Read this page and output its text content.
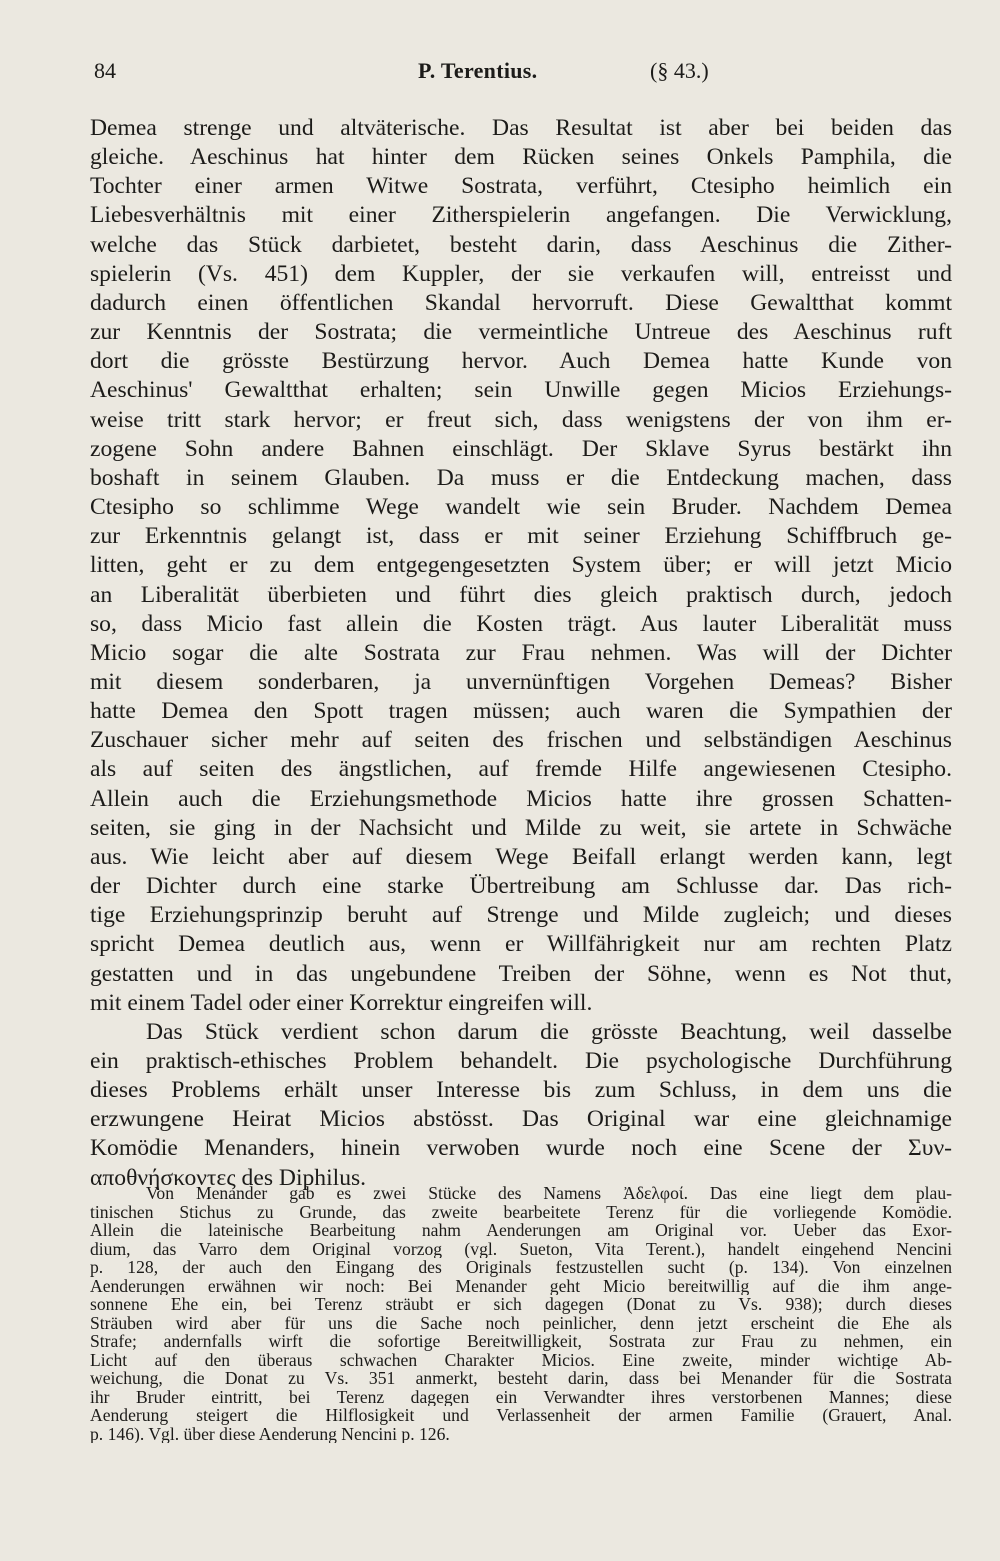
84	P. Terentius.	(§ 43.)
Demea strenge und altväterische. Das Resultat ist aber bei beiden das
gleiche. Aeschinus hat hinter dem Rücken seines Onkels Pamphila, die
Tochter einer armen Witwe Sostrata, verführt, Ctesipho heimlich ein
Liebesverhältnis mit einer Zitherspielerin angefangen. Die Verwicklung,
welche das Stück darbietet, besteht darin, dass Aeschinus die Zither-
spielerin (Vs. 451) dem Kuppler, der sie verkaufen will, entreisst und
dadurch einen öffentlichen Skandal hervorruft. Diese Gewaltthat kommt
zur Kenntnis der Sostrata; die vermeintliche Untreue des Aeschinus ruft
dort die grösste Bestürzung hervor. Auch Demea hatte Kunde von
Aeschinus' Gewaltthat erhalten; sein Unwille gegen Micios Erziehungs-
weise tritt stark hervor; er freut sich, dass wenigstens der von ihm er-
zogene Sohn andere Bahnen einschlägt. Der Sklave Syrus bestärkt ihn
boshaft in seinem Glauben. Da muss er die Entdeckung machen, dass
Ctesipho so schlimme Wege wandelt wie sein Bruder. Nachdem Demea
zur Erkenntnis gelangt ist, dass er mit seiner Erziehung Schiffbruch ge-
litten, geht er zu dem entgegengesetzten System über; er will jetzt Micio
an Liberalität überbieten und führt dies gleich praktisch durch, jedoch
so, dass Micio fast allein die Kosten trägt. Aus lauter Liberalität muss
Micio sogar die alte Sostrata zur Frau nehmen. Was will der Dichter
mit diesem sonderbaren, ja unvernünftigen Vorgehen Demeas? Bisher
hatte Demea den Spott tragen müssen; auch waren die Sympathien der
Zuschauer sicher mehr auf seiten des frischen und selbständigen Aeschinus
als auf seiten des ängstlichen, auf fremde Hilfe angewiesenen Ctesipho.
Allein auch die Erziehungsmethode Micios hatte ihre grossen Schatten-
seiten, sie ging in der Nachsicht und Milde zu weit, sie artete in Schwäche
aus. Wie leicht aber auf diesem Wege Beifall erlangt werden kann, legt
der Dichter durch eine starke Übertreibung am Schlusse dar. Das rich-
tige Erziehungsprinzip beruht auf Strenge und Milde zugleich; und dieses
spricht Demea deutlich aus, wenn er Willfährigkeit nur am rechten Platz
gestatten und in das ungebundene Treiben der Söhne, wenn es Not thut,
mit einem Tadel oder einer Korrektur eingreifen will.
Das Stück verdient schon darum die grösste Beachtung, weil dasselbe
ein praktisch-ethisches Problem behandelt. Die psychologische Durchführung
dieses Problems erhält unser Interesse bis zum Schluss, in dem uns die
erzwungene Heirat Micios abstösst. Das Original war eine gleichnamige
Komödie Menanders, hinein verwoben wurde noch eine Scene der Συν-
αποθνήσκοντες des Diphilus.
Von Menander gab es zwei Stücke des Namens Ἀδελφοί. Das eine liegt dem plau-
tinischen Stichus zu Grunde, das zweite bearbeitete Terenz für die vorliegende Komödie.
Allein die lateinische Bearbeitung nahm Aenderungen am Original vor. Ueber das Exor-
dium, das Varro dem Original vorzog (vgl. Sueton, Vita Terent.), handelt eingehend Nencini
p. 128, der auch den Eingang des Originals festzustellen sucht (p. 134). Von einzelnen
Aenderungen erwähnen wir noch: Bei Menander geht Micio bereitwillig auf die ihm ange-
sonnene Ehe ein, bei Terenz sträubt er sich dagegen (Donat zu Vs. 938); durch dieses
Sträuben wird aber für uns die Sache noch peinlicher, denn jetzt erscheint die Ehe als
Strafe; andernfalls wirft die sofortige Bereitwilligkeit, Sostrata zur Frau zu nehmen, ein
Licht auf den überaus schwachen Charakter Micios. Eine zweite, minder wichtige Ab-
weichung, die Donat zu Vs. 351 anmerkt, besteht darin, dass bei Menander für die Sostrata
ihr Bruder eintritt, bei Terenz dagegen ein Verwandter ihres verstorbenen Mannes; diese
Aenderung steigert die Hilflosigkeit und Verlassenheit der armen Familie (Grauert, Anal.
p. 146). Vgl. über diese Aenderung Nencini p. 126.
